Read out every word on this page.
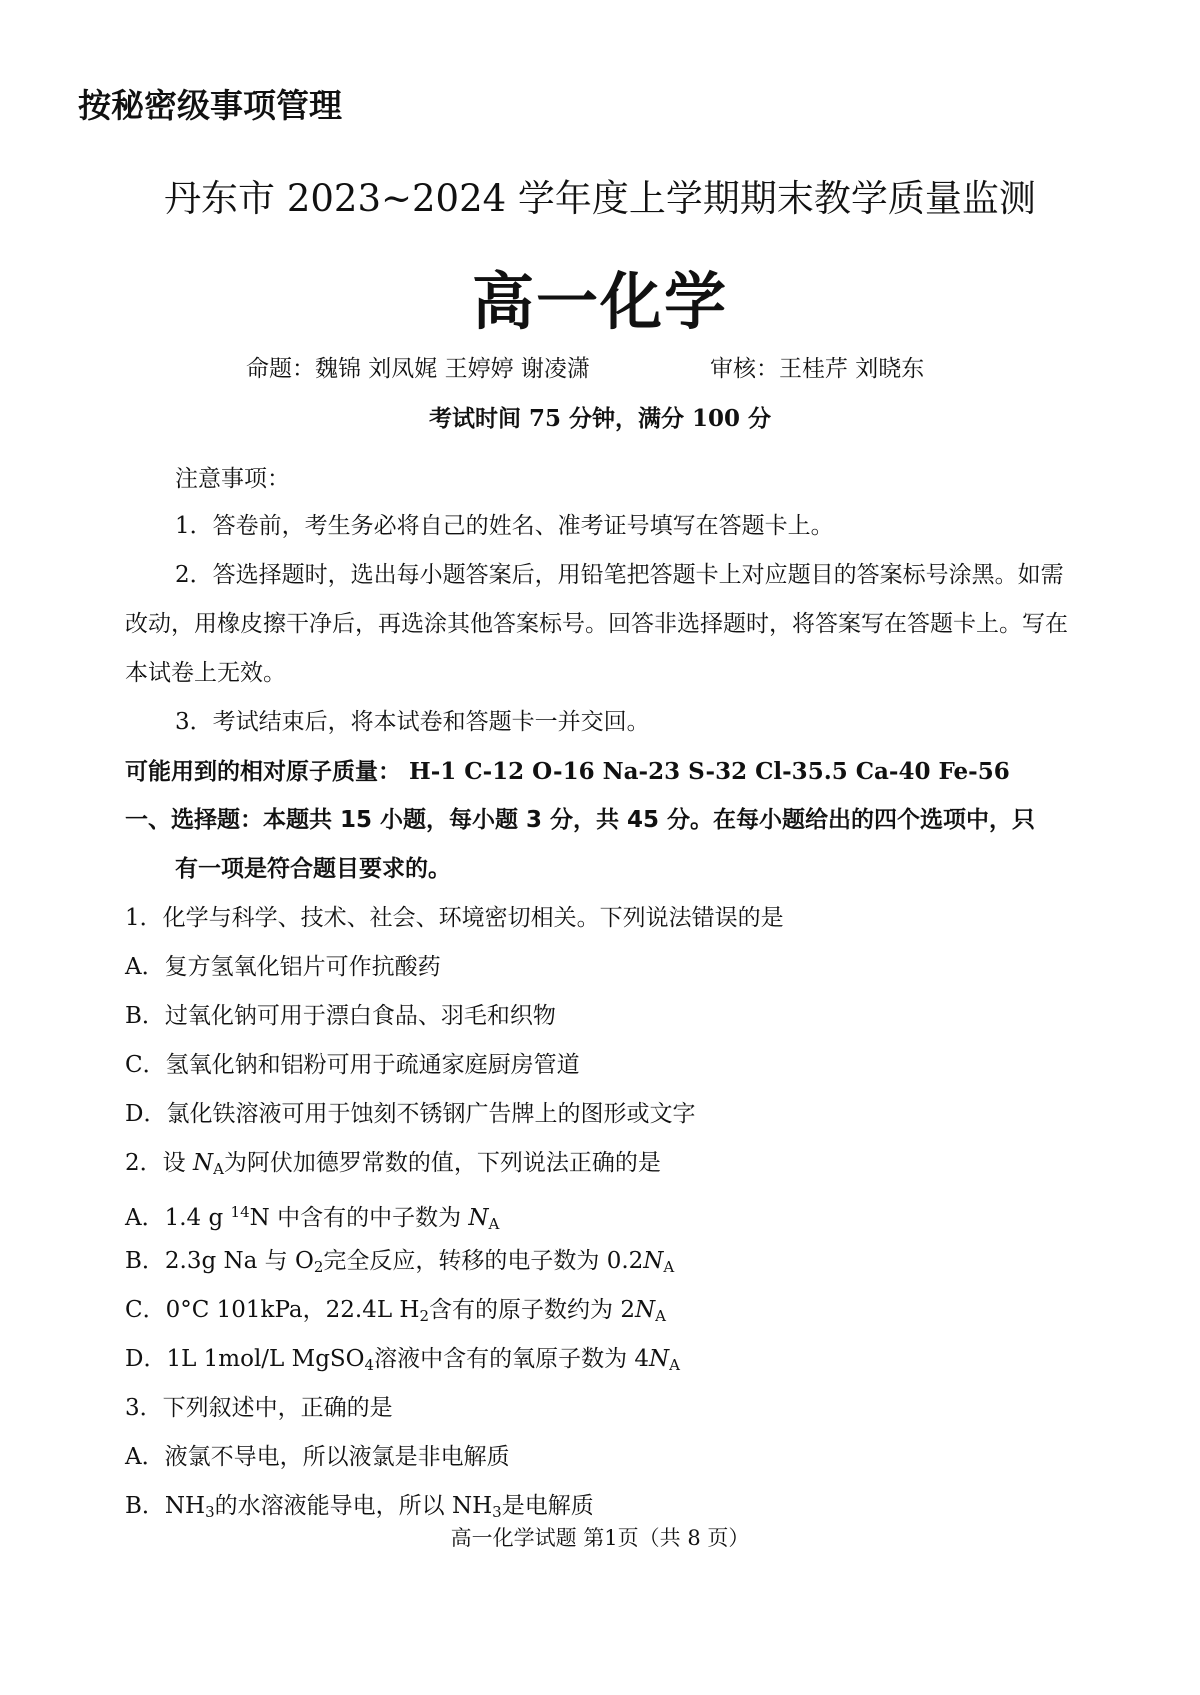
按秘密级事项管理
丹东市 2023~2024 学年度上学期期末教学质量监测
高一化学
命题：魏锦 刘凤娓 王婷婷 谢凌潇	审核：王桂芹 刘晓东
考试时间 75 分钟，满分 100 分
注意事项：
1．答卷前，考生务必将自己的姓名、准考证号填写在答题卡上。
2．答选择题时，选出每小题答案后，用铅笔把答题卡上对应题目的答案标号涂黑。如需改动，用橡皮擦干净后，再选涂其他答案标号。回答非选择题时，将答案写在答题卡上。写在本试卷上无效。
3．考试结束后，将本试卷和答题卡一并交回。
可能用到的相对原子质量： H-1 C-12 O-16 Na-23 S-32 Cl-35.5 Ca-40 Fe-56
一、选择题：本题共 15 小题，每小题 3 分，共 45 分。在每小题给出的四个选项中，只
有一项是符合题目要求的。
1．化学与科学、技术、社会、环境密切相关。下列说法错误的是
A．复方氢氧化铝片可作抗酸药
B．过氧化钠可用于漂白食品、羽毛和织物
C．氢氧化钠和铝粉可用于疏通家庭厨房管道
D．氯化铁溶液可用于蚀刻不锈钢广告牌上的图形或文字
2．设 $N_A$为阿伏加德罗常数的值，下列说法正确的是
A．1.4 g $^{14}$N 中含有的中子数为 $N_A$
B．2.3g Na 与 $O_2$完全反应，转移的电子数为 $0.2N_A$
C．0°C 101kPa，22.4L $H_2$含有的原子数约为 $2N_A$
D．1L 1mol/L MgSO$_4$溶液中含有的氧原子数为 $4N_A$
3．下列叙述中，正确的是
A．液氯不导电，所以液氯是非电解质
B．$NH_3$的水溶液能导电，所以 $NH_3$是电解质
高一化学试题 第1页（共 8 页）
